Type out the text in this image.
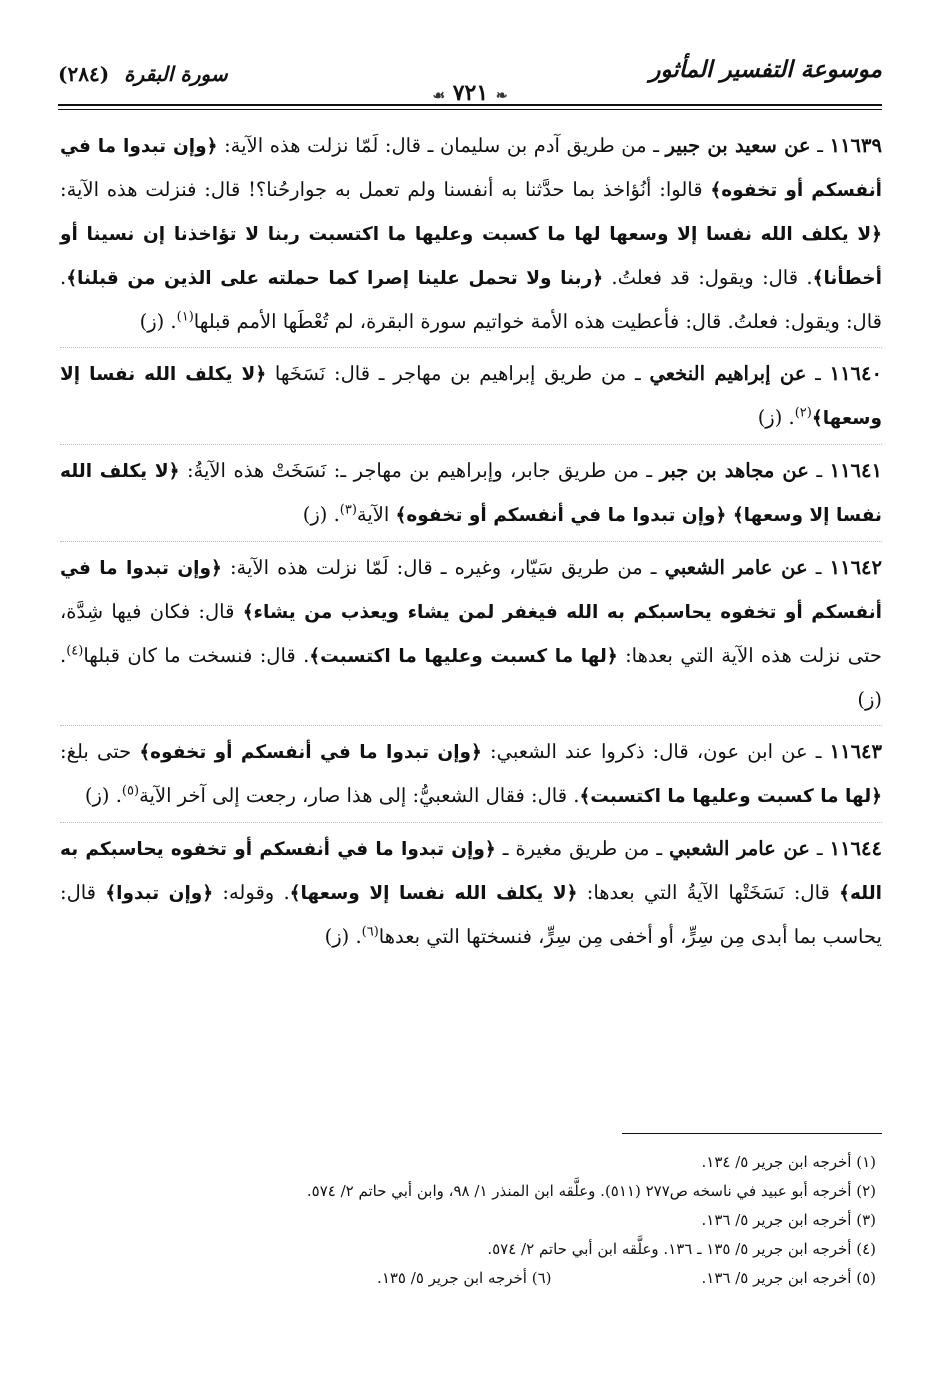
موسوعة التفسير المأثور
❧ ٧٢١ ☙
سورة البقرة (٢٨٤)

١١٦٣٩ ـ عن سعيد بن جبير ـ من طريق آدم بن سليمان ـ قال: لَمّا نزلت هذه الآية: ﴿وإن تبدوا ما في أنفسكم أو تخفوه﴾ قالوا: أنُؤاخذ بما حدَّثنا به أنفسنا ولم تعمل به جوارحُنا؟! قال: فنزلت هذه الآية: ﴿لا يكلف الله نفسا إلا وسعها لها ما كسبت وعليها ما اكتسبت ربنا لا تؤاخذنا إن نسينا أو أخطأنا﴾. قال: ويقول: قد فعلتُ. ﴿ربنا ولا تحمل علينا إصرا كما حملته على الذين من قبلنا﴾. قال: ويقول: فعلتُ. قال: فأعطيت هذه الأمة خواتيم سورة البقرة، لم تُعْطَها الأمم قبلها$^{(١)}$. (ز)

١١٦٤٠ ـ عن إبراهيم النخعي ـ من طريق إبراهيم بن مهاجر ـ قال: نَسَخَها ﴿لا يكلف الله نفسا إلا وسعها﴾$^{(٢)}$. (ز)

١١٦٤١ ـ عن مجاهد بن جبر ـ من طريق جابر، وإبراهيم بن مهاجر ـ: نَسَخَتْ هذه الآيةُ: ﴿لا يكلف الله نفسا إلا وسعها﴾ ﴿وإن تبدوا ما في أنفسكم أو تخفوه﴾ الآية$^{(٣)}$. (ز)

١١٦٤٢ ـ عن عامر الشعبي ـ من طريق سَيّار، وغيره ـ قال: لَمّا نزلت هذه الآية: ﴿وإن تبدوا ما في أنفسكم أو تخفوه يحاسبكم به الله فيغفر لمن يشاء ويعذب من يشاء﴾ قال: فكان فيها شِدَّة، حتى نزلت هذه الآية التي بعدها: ﴿لها ما كسبت وعليها ما اكتسبت﴾. قال: فنسخت ما كان قبلها$^{(٤)}$. (ز)

١١٦٤٣ ـ عن ابن عون، قال: ذكروا عند الشعبي: ﴿وإن تبدوا ما في أنفسكم أو تخفوه﴾ حتى بلغ: ﴿لها ما كسبت وعليها ما اكتسبت﴾. قال: فقال الشعبيُّ: إلى هذا صار، رجعت إلى آخر الآية$^{(٥)}$. (ز)

١١٦٤٤ ـ عن عامر الشعبي ـ من طريق مغيرة ـ ﴿وإن تبدوا ما في أنفسكم أو تخفوه يحاسبكم به الله﴾ قال: نَسَخَتْها الآيةُ التي بعدها: ﴿لا يكلف الله نفسا إلا وسعها﴾. وقوله: ﴿وإن تبدوا﴾ قال: يحاسب بما أبدى مِن سِرٍّ، أو أخفى مِن سِرٍّ، فنسختها التي بعدها$^{(٦)}$. (ز)

(١) أخرجه ابن جرير ٥/ ١٣٤.
(٢) أخرجه أبو عبيد في ناسخه ص٢٧٧ (٥١١). وعلَّقه ابن المنذر ١/ ٩٨، وابن أبي حاتم ٢/ ٥٧٤.
(٣) أخرجه ابن جرير ٥/ ١٣٦.
(٤) أخرجه ابن جرير ٥/ ١٣٥ ـ ١٣٦. وعلَّقه ابن أبي حاتم ٢/ ٥٧٤.
(٥) أخرجه ابن جرير ٥/ ١٣٦.
(٦) أخرجه ابن جرير ٥/ ١٣٥.
